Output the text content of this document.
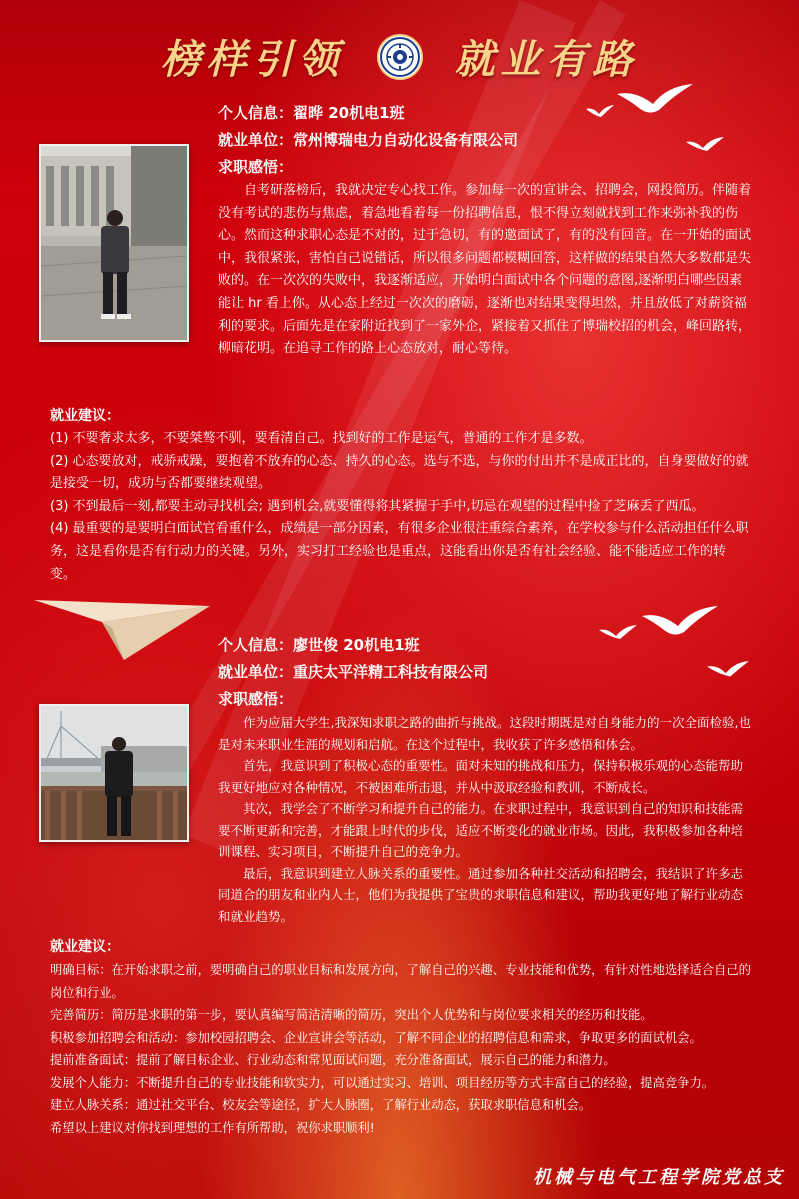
榜样引领	就业有路
个人信息：翟晔 20机电1班
就业单位：常州博瑞电力自动化设备有限公司
求职感悟：

自考研落榜后，我就决定专心找工作。参加每一次的宣讲会、招聘会，网投简历。伴随着没有考试的悲伤与焦虑，着急地看着每一份招聘信息，恨不得立刻就找到工作来弥补我的伤心。然而这种求职心态是不对的，过于急切，有的邀面试了，有的没有回音。在一开始的面试中，我很紧张，害怕自己说错话，所以很多问题都模糊回答，这样做的结果自然大多数都是失败的。在一次次的失败中，我逐渐适应，开始明白面试中各个问题的意图,逐渐明白哪些因素能让 hr 看上你。从心态上经过一次次的磨砺，逐渐也对结果变得坦然，并且放低了对薪资福利的要求。后面先是在家附近找到了一家外企，紧接着又抓住了博瑞校招的机会，峰回路转，柳暗花明。在追寻工作的路上心态放对，耐心等待。

就业建议：

(1) 不要奢求太多，不要桀骜不驯，要看清自己。找到好的工作是运气，普通的工作才是多数。

(2) 心态要放对，戒骄戒躁，要抱着不放弃的心态、持久的心态。选与不选，与你的付出并不是成正比的，自身要做好的就是接受一切，成功与否都要继续观望。

(3) 不到最后一刻,都要主动寻找机会; 遇到机会,就要懂得将其紧握于手中,切忌在观望的过程中捡了芝麻丢了西瓜。

(4) 最重要的是要明白面试官看重什么，成绩是一部分因素，有很多企业很注重综合素养，在学校参与什么活动担任什么职务，这是看你是否有行动力的关键。另外，实习打工经验也是重点，这能看出你是否有社会经验、能不能适应工作的转变。

个人信息：廖世俊 20机电1班
就业单位：重庆太平洋精工科技有限公司
求职感悟：

作为应届大学生,我深知求职之路的曲折与挑战。这段时期既是对自身能力的一次全面检验,也是对未来职业生涯的规划和启航。在这个过程中，我收获了许多感悟和体会。

首先，我意识到了积极心态的重要性。面对未知的挑战和压力，保持积极乐观的心态能帮助我更好地应对各种情况，不被困难所击退，并从中汲取经验和教训，不断成长。

其次，我学会了不断学习和提升自己的能力。在求职过程中，我意识到自己的知识和技能需要不断更新和完善，才能跟上时代的步伐，适应不断变化的就业市场。因此，我积极参加各种培训课程、实习项目，不断提升自己的竞争力。

最后，我意识到建立人脉关系的重要性。通过参加各种社交活动和招聘会，我结识了许多志同道合的朋友和业内人士，他们为我提供了宝贵的求职信息和建议，帮助我更好地了解行业动态和就业趋势。

就业建议：

明确目标：在开始求职之前，要明确自己的职业目标和发展方向，了解自己的兴趣、专业技能和优势，有针对性地选择适合自己的岗位和行业。

完善简历：简历是求职的第一步，要认真编写简洁清晰的简历，突出个人优势和与岗位要求相关的经历和技能。

积极参加招聘会和活动：参加校园招聘会、企业宣讲会等活动，了解不同企业的招聘信息和需求，争取更多的面试机会。

提前准备面试：提前了解目标企业、行业动态和常见面试问题，充分准备面试，展示自己的能力和潜力。

发展个人能力：不断提升自己的专业技能和软实力，可以通过实习、培训、项目经历等方式丰富自己的经验，提高竞争力。

建立人脉关系：通过社交平台、校友会等途径，扩大人脉圈，了解行业动态，获取求职信息和机会。

希望以上建议对你找到理想的工作有所帮助，祝你求职顺利!

机械与电气工程学院党总支
